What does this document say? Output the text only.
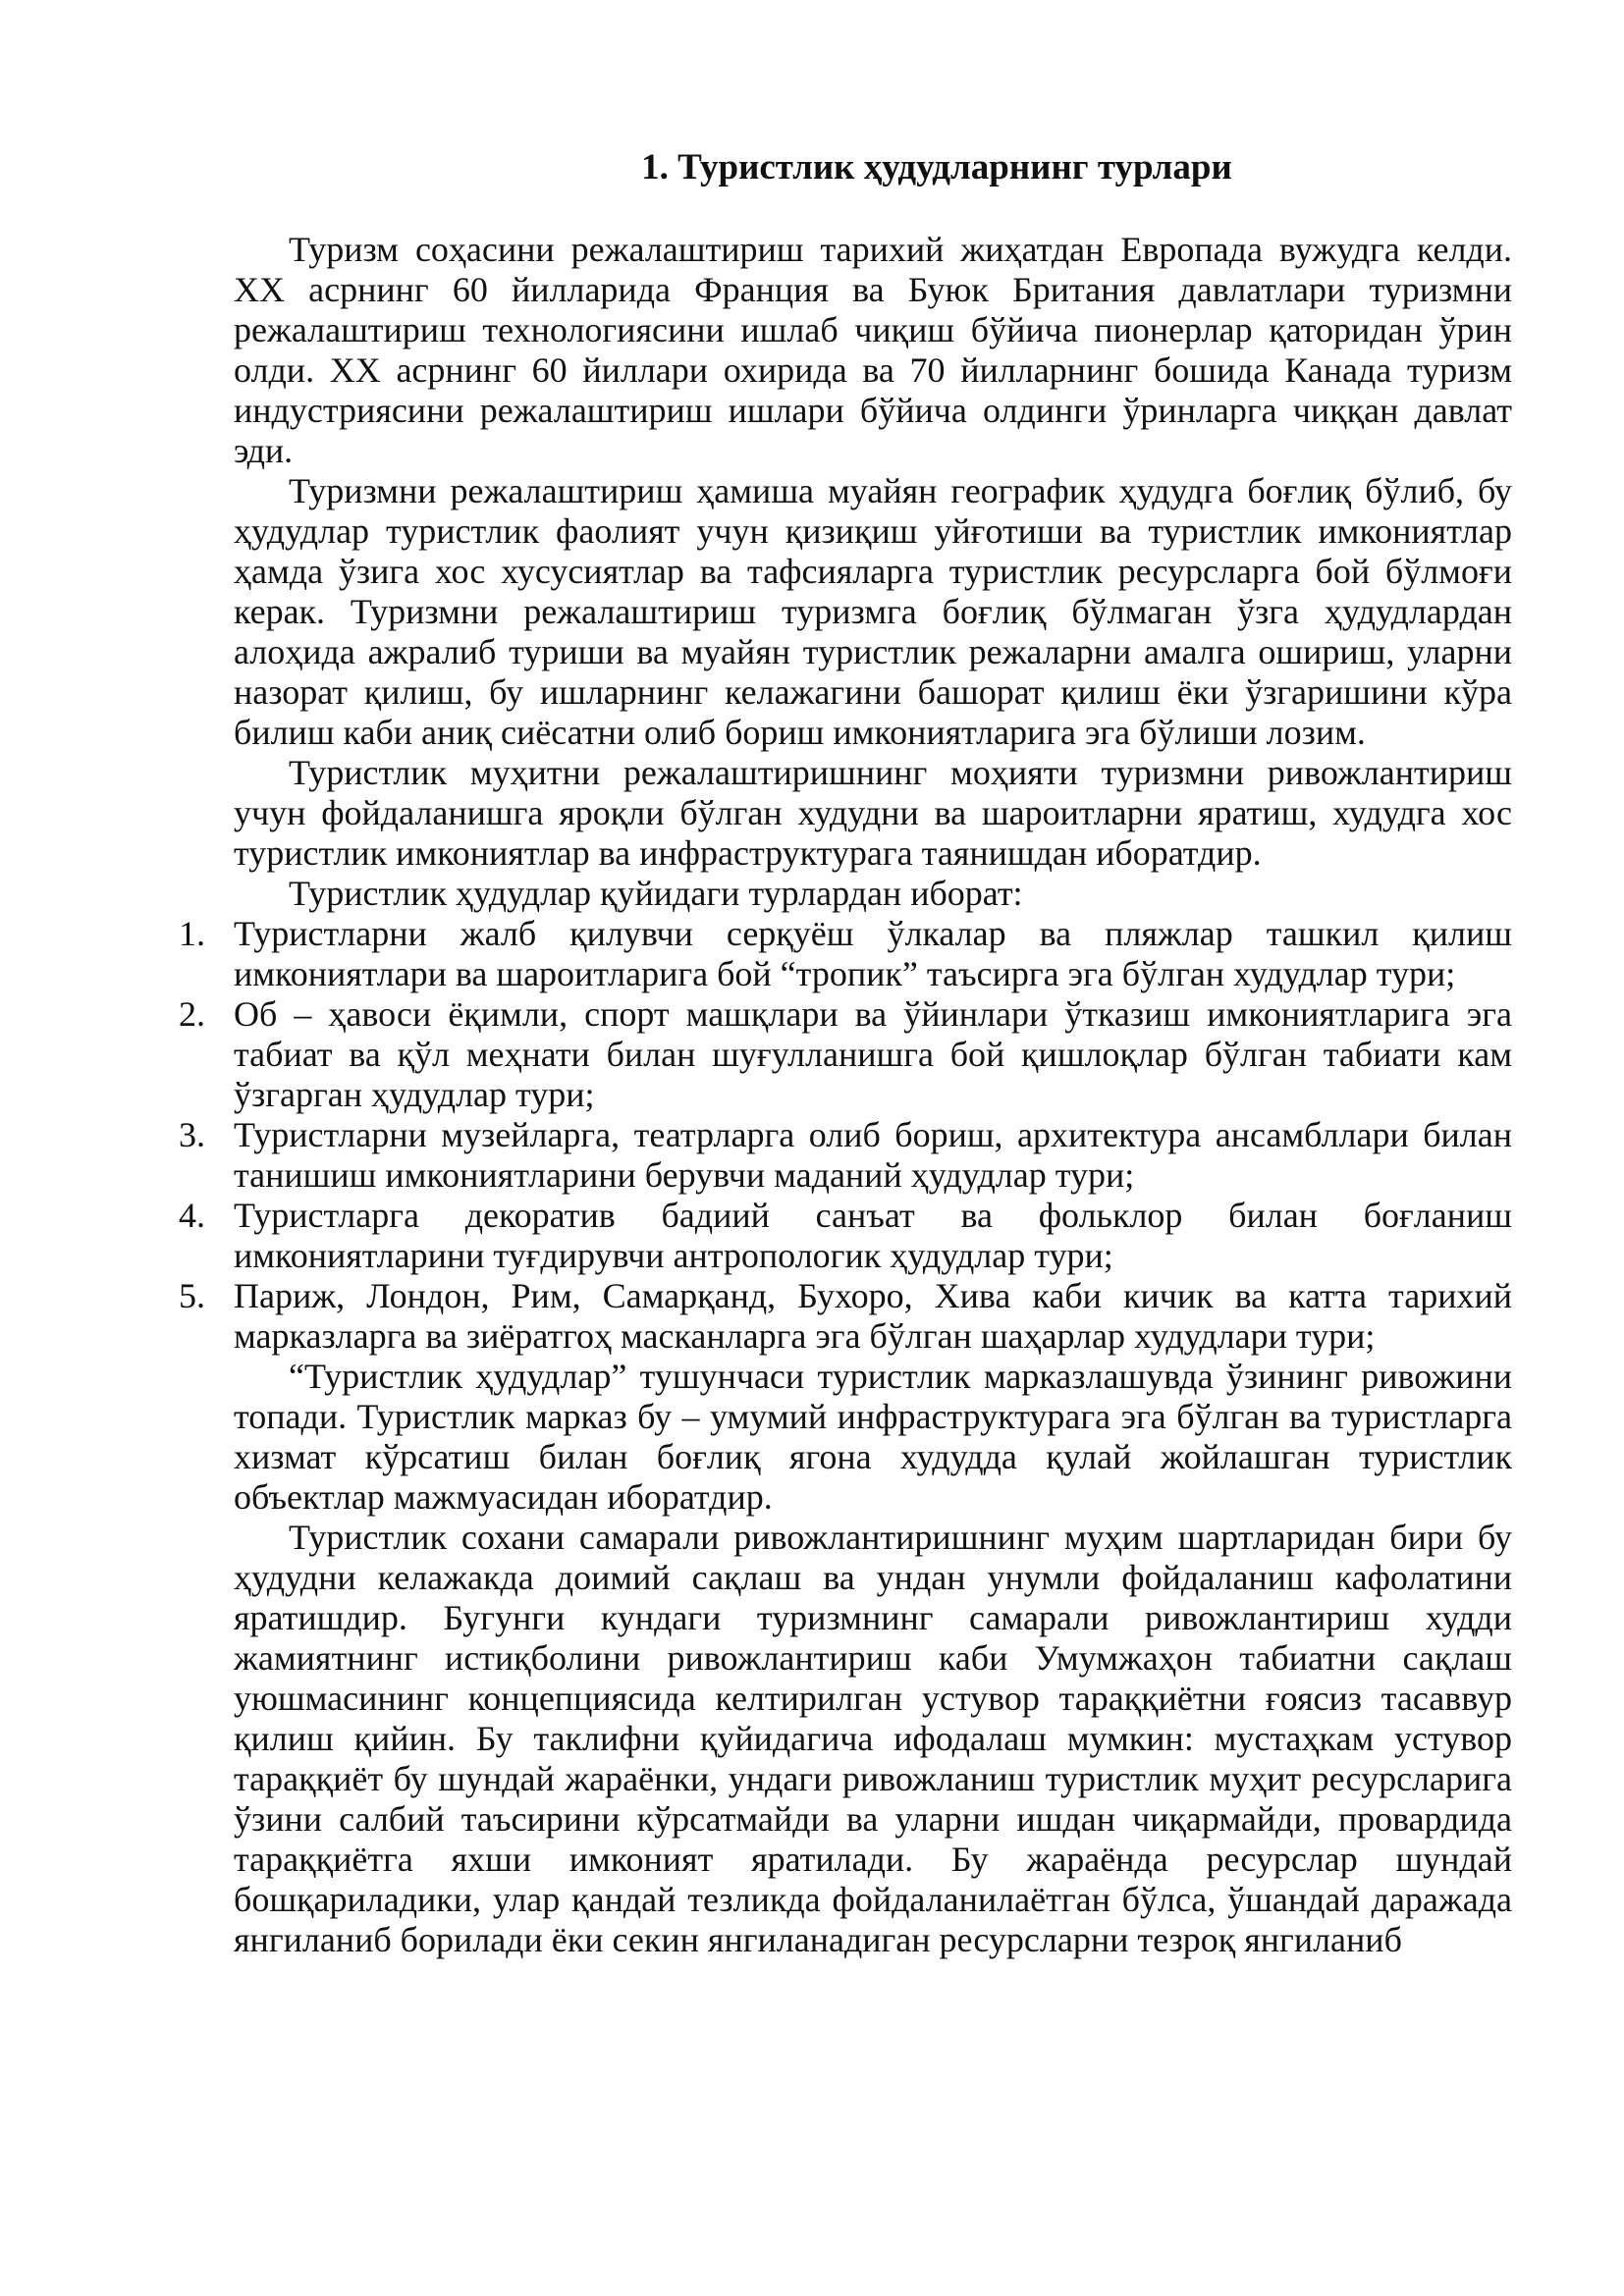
1. Туристлик ҳудудларнинг турлари

Туризм соҳасини режалаштириш тарихий жиҳатдан Европада вужудга келди. XX асрнинг 60 йилларида Франция ва Буюк Британия давлатлари туризмни режалаштириш технологиясини ишлаб чиқиш бўйича пионерлар қаторидан ўрин олди. XX асрнинг 60 йиллари охирида ва 70 йилларнинг бошида Канада туризм индустриясини режалаштириш ишлари бўйича олдинги ўринларга чиққан давлат эди.

Туризмни режалаштириш ҳамиша муайян географик ҳудудга боғлиқ бўлиб, бу ҳудудлар туристлик фаолият учун қизиқиш уйғотиши ва туристлик имкониятлар ҳамда ўзига хос хусусиятлар ва тафсияларга туристлик ресурсларга бой бўлмоғи керак. Туризмни режалаштириш туризмга боғлиқ бўлмаган ўзга ҳудудлардан алоҳида ажралиб туриши ва муайян туристлик режаларни амалга ошириш, уларни назорат қилиш, бу ишларнинг келажагини башорат қилиш ёки ўзгаришини кўра билиш каби аниқ сиёсатни олиб бориш имкониятларига эга бўлиши лозим.

Туристлик муҳитни режалаштиришнинг моҳияти туризмни ривожлантириш учун фойдаланишга яроқли бўлган худудни ва шароитларни яратиш, худудга хос туристлик имкониятлар ва инфраструктурага таянишдан иборатдир.

Туристлик ҳудудлар қуйидаги турлардан иборат:

1. Туристларни жалб қилувчи серқуёш ўлкалар ва пляжлар ташкил қилиш имкониятлари ва шароитларига бой “тропик” таъсирга эга бўлган худудлар тури;
2. Об – ҳавоси ёқимли, спорт машқлари ва ўйинлари ўтказиш имкониятларига эга табиат ва қўл меҳнати билан шуғулланишга бой қишлоқлар бўлган табиати кам ўзгарган ҳудудлар тури;
3. Туристларни музейларга, театрларга олиб бориш, архитектура ансамбллари билан танишиш имкониятларини берувчи маданий ҳудудлар тури;
4. Туристларга декоратив бадиий санъат ва фольклор билан боғланиш имкониятларини туғдирувчи антропологик ҳудудлар тури;
5. Париж, Лондон, Рим, Самарқанд, Бухоро, Хива каби кичик ва катта тарихий марказларга ва зиёратгоҳ масканларга эга бўлган шаҳарлар худудлари тури;

“Туристлик ҳудудлар” тушунчаси туристлик марказлашувда ўзининг ривожини топади. Туристлик марказ бу – умумий инфраструктурага эга бўлган ва туристларга хизмат кўрсатиш билан боғлиқ ягона худудда қулай жойлашган туристлик объектлар мажмуасидан иборатдир.

Туристлик сохани самарали ривожлантиришнинг муҳим шартларидан бири бу ҳудудни келажакда доимий сақлаш ва ундан унумли фойдаланиш кафолатини яратишдир. Бугунги кундаги туризмнинг самарали ривожлантириш худди жамиятнинг истиқболини ривожлантириш каби Умумжаҳон табиатни сақлаш уюшмасининг концепциясида келтирилган устувор тараққиётни ғоясиз тасаввур қилиш қийин. Бу таклифни қуйидагича ифодалаш мумкин: мустаҳкам устувор тараққиёт бу шундай жараёнки, ундаги ривожланиш туристлик муҳит ресурсларига ўзини салбий таъсирини кўрсатмайди ва уларни ишдан чиқармайди, провардида тараққиётга яхши имконият яратилади. Бу жараёнда ресурслар шундай бошқариладики, улар қандай тезликда фойдаланилаётган бўлса, ўшандай даражада янгиланиб борилади ёки секин янгиланадиган ресурсларни тезроқ янгиланиб
